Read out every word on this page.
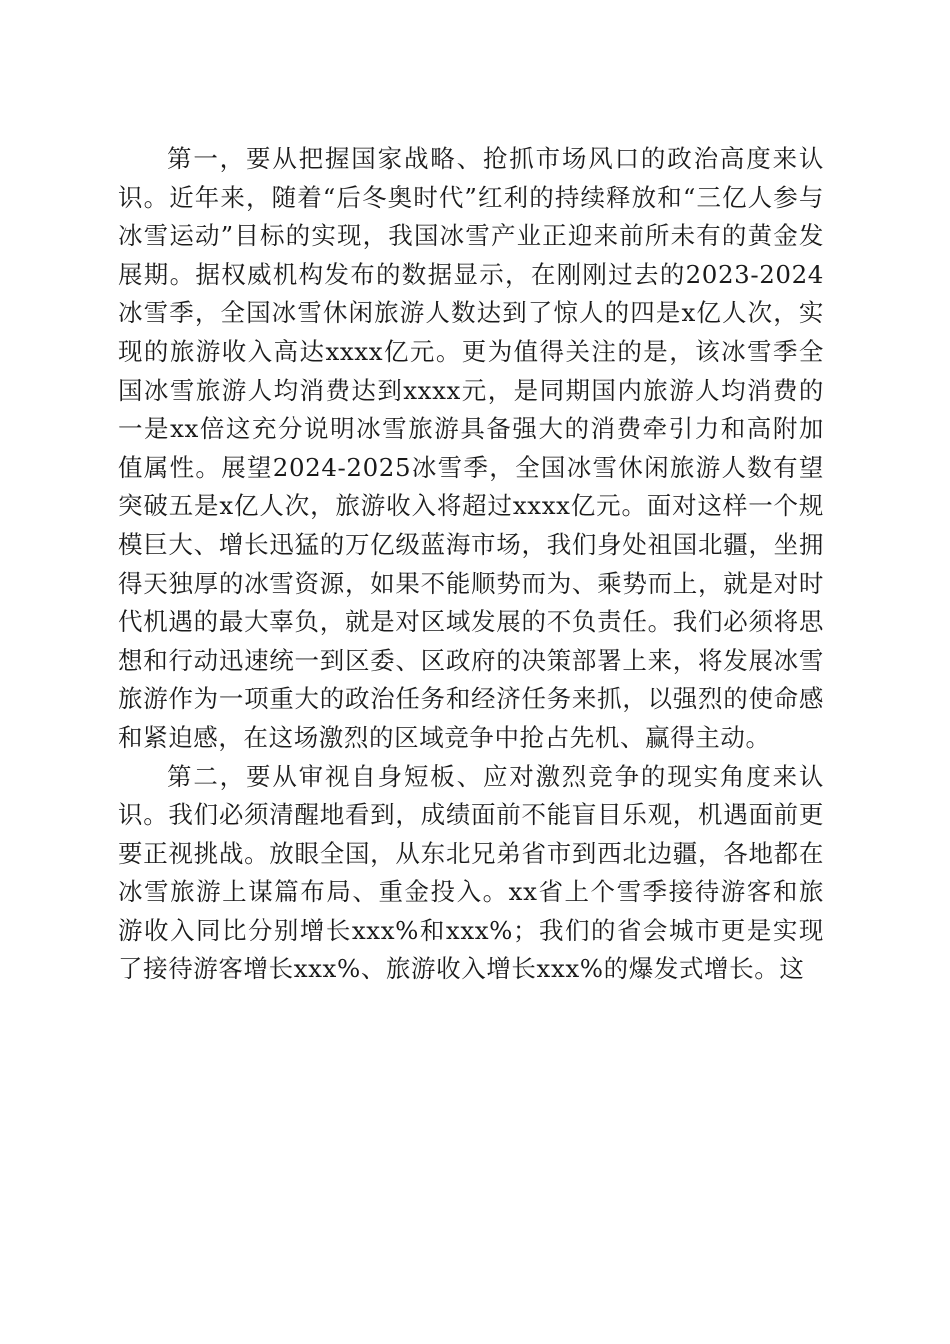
第一，要从把握国家战略、抢抓市场风口的政治高度来认识。近年来，随着“后冬奥时代”红利的持续释放和“三亿人参与冰雪运动”目标的实现，我国冰雪产业正迎来前所未有的黄金发展期。据权威机构发布的数据显示，在刚刚过去的2023-2024冰雪季，全国冰雪休闲旅游人数达到了惊人的四是x亿人次，实现的旅游收入高达xxxx亿元。更为值得关注的是，该冰雪季全国冰雪旅游人均消费达到xxxx元，是同期国内旅游人均消费的一是xx倍这充分说明冰雪旅游具备强大的消费牵引力和高附加值属性。展望2024-2025冰雪季，全国冰雪休闲旅游人数有望突破五是x亿人次，旅游收入将超过xxxx亿元。面对这样一个规模巨大、增长迅猛的万亿级蓝海市场，我们身处祖国北疆，坐拥得天独厚的冰雪资源，如果不能顺势而为、乘势而上，就是对时代机遇的最大辜负，就是对区域发展的不负责任。我们必须将思想和行动迅速统一到区委、区政府的决策部署上来，将发展冰雪旅游作为一项重大的政治任务和经济任务来抓，以强烈的使命感和紧迫感，在这场激烈的区域竞争中抢占先机、赢得主动。

第二，要从审视自身短板、应对激烈竞争的现实角度来认识。我们必须清醒地看到，成绩面前不能盲目乐观，机遇面前更要正视挑战。放眼全国，从东北兄弟省市到西北边疆，各地都在冰雪旅游上谋篇布局、重金投入。xx省上个雪季接待游客和旅游收入同比分别增长xxx%和xxx%；我们的省会城市更是实现了接待游客增长xxx%、旅游收入增长xxx%的爆发式增长。这
